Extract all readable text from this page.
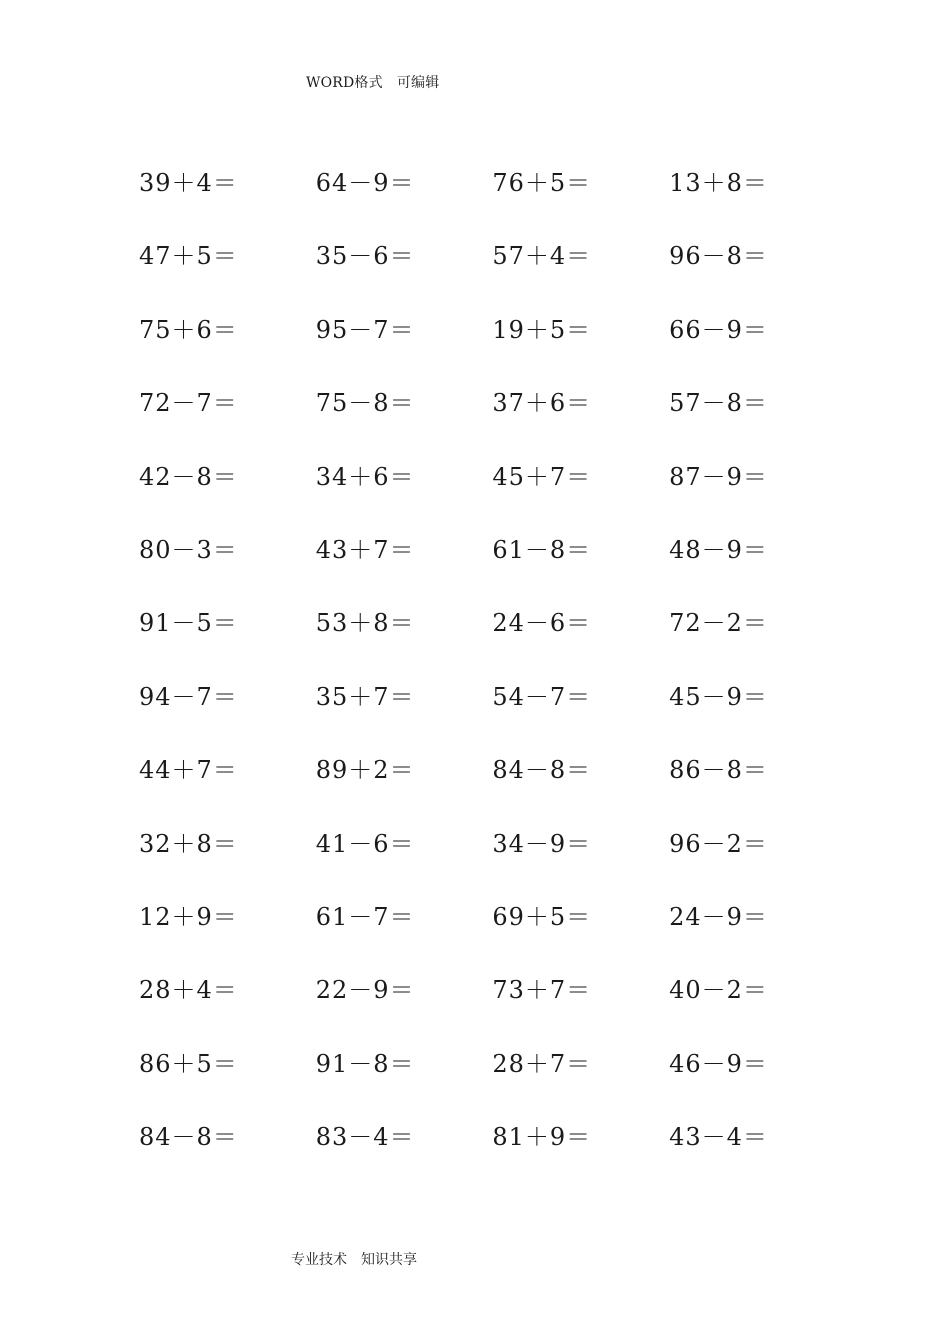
WORD格式 可编辑
39＋4＝	64－9＝	76＋5＝	13＋8＝
47＋5＝	35－6＝	57＋4＝	96－8＝
75＋6＝	95－7＝	19＋5＝	66－9＝
72－7＝	75－8＝	37＋6＝	57－8＝
42－8＝	34＋6＝	45＋7＝	87－9＝
80－3＝	43＋7＝	61－8＝	48－9＝
91－5＝	53＋8＝	24－6＝	72－2＝
94－7＝	35＋7＝	54－7＝	45－9＝
44＋7＝	89＋2＝	84－8＝	86－8＝
32＋8＝	41－6＝	34－9＝	96－2＝
12＋9＝	61－7＝	69＋5＝	24－9＝
28＋4＝	22－9＝	73＋7＝	40－2＝
86＋5＝	91－8＝	28＋7＝	46－9＝
84－8＝	83－4＝	81＋9＝	43－4＝
专业技术 知识共享
